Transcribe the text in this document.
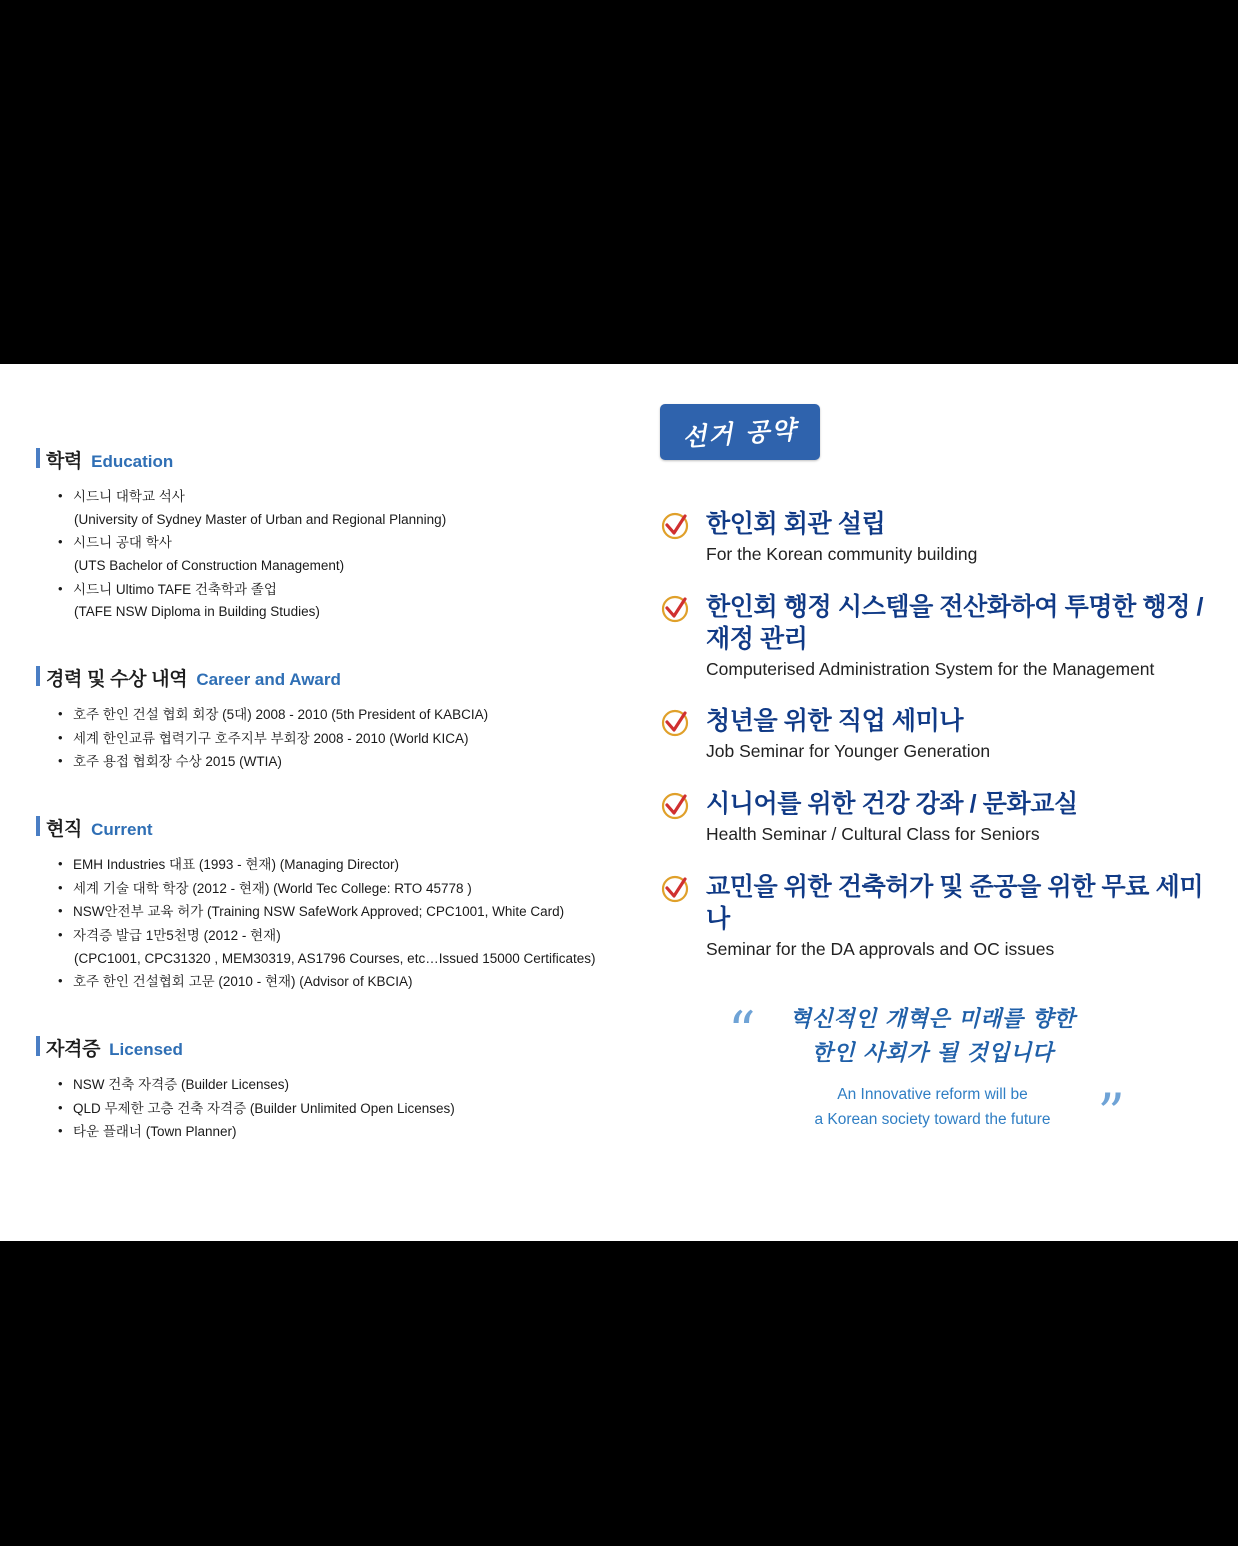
학력 Education
• 시드니 대학교 석사
(University of Sydney Master of Urban and Regional Planning)
• 시드니 공대 학사
(UTS Bachelor of Construction Management)
• 시드니 Ultimo TAFE 건축학과 졸업
(TAFE NSW Diploma in Building Studies)
경력 및 수상 내역 Career and Award
• 호주 한인 건설 협회 회장 (5대) 2008 - 2010 (5th President of KABCIA)
• 세계 한인교류 협력기구 호주지부 부회장 2008 - 2010 (World KICA)
• 호주 용접 협회장 수상 2015 (WTIA)
현직 Current
• EMH Industries 대표 (1993 - 현재) (Managing Director)
• 세계 기술 대학 학장 (2012 - 현재) (World Tec College: RTO 45778 )
• NSW안전부 교육 허가 (Training NSW SafeWork Approved; CPC1001, White Card)
• 자격증 발급 1만5천명 (2012 - 현재)
(CPC1001, CPC31320 , MEM30319, AS1796 Courses, etc…Issued 15000 Certificates)
• 호주 한인 건설협회 고문 (2010 - 현재) (Advisor of KBCIA)
자격증 Licensed
• NSW 건축 자격증 (Builder Licenses)
• QLD 무제한 고층 건축 자격증 (Builder Unlimited Open Licenses)
• 타운 플래너 (Town Planner)
선거 공약
한인회 회관 설립
For the Korean community building
한인회 행정 시스템을 전산화하여 투명한 행정 / 재정 관리
Computerised Administration System for the Management
청년을 위한 직업 세미나
Job Seminar for Younger Generation
시니어를 위한 건강 강좌 / 문화교실
Health Seminar / Cultural Class for Seniors
교민을 위한 건축허가 및 준공을 위한 무료 세미나
Seminar for the DA approvals and OC issues
“
”
혁신적인 개혁은 미래를 향한
한인 사회가 될 것입니다
An Innovative reform will be
a Korean society toward the future
